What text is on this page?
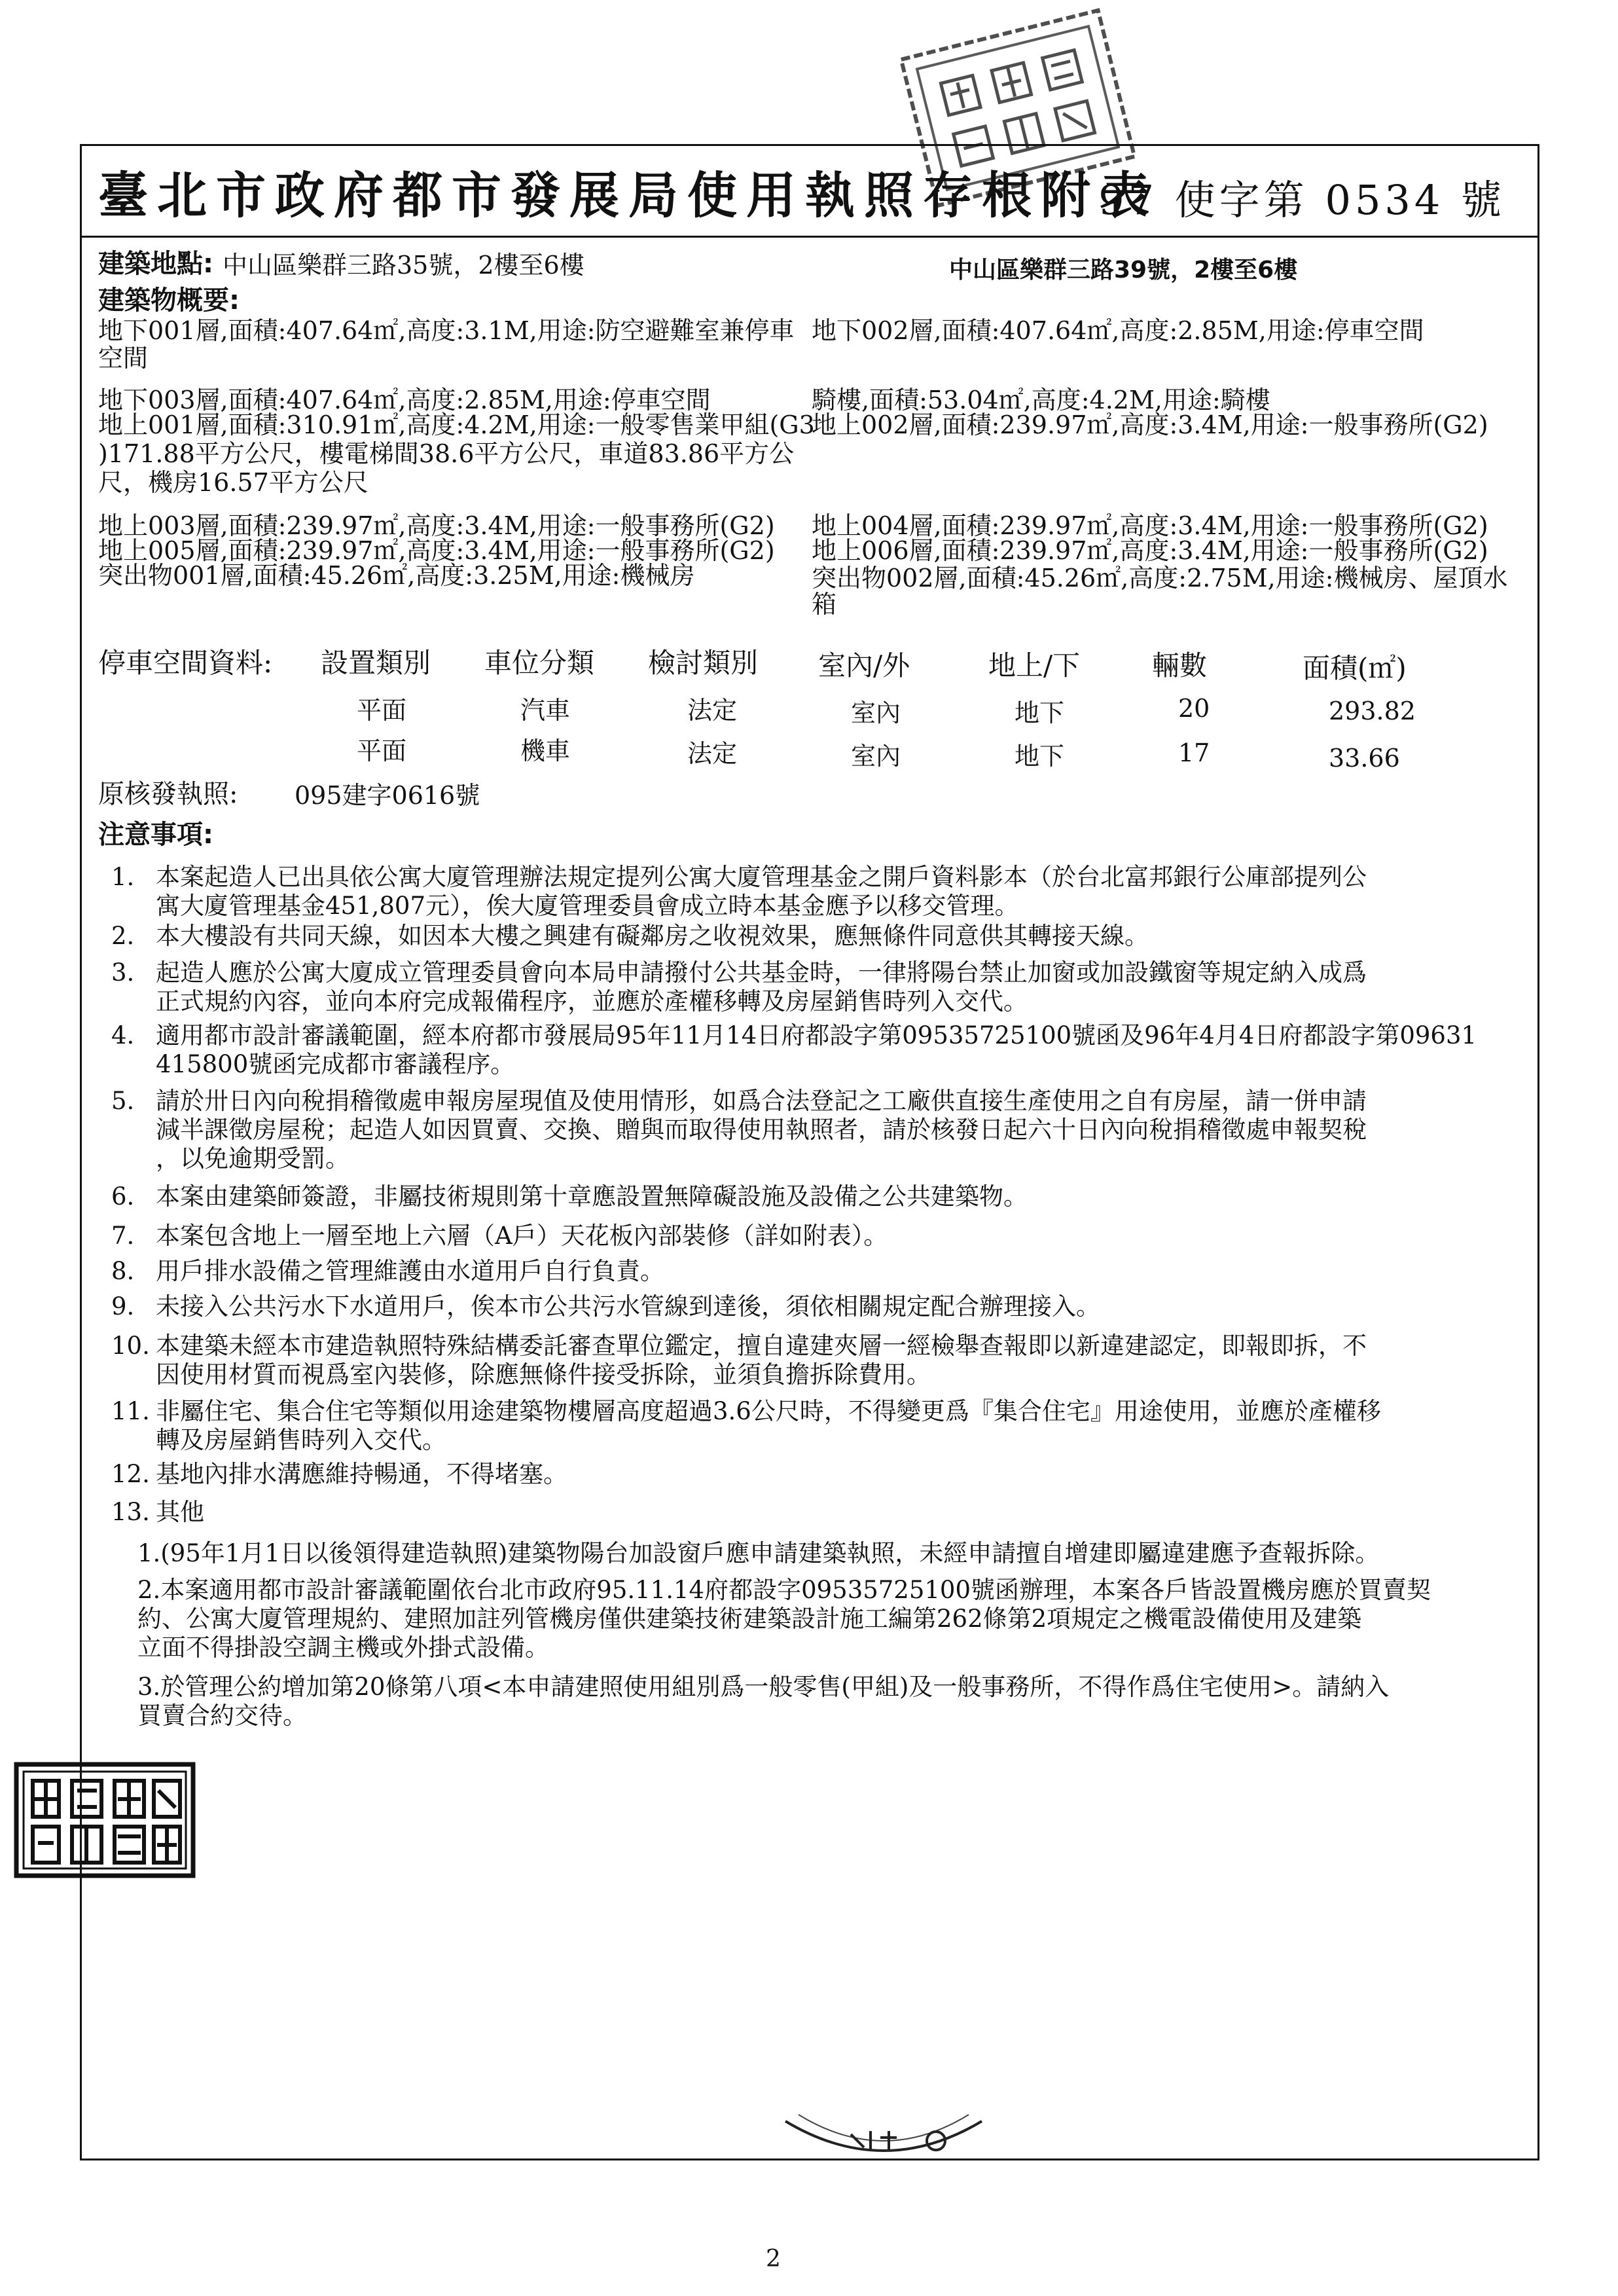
臺北市政府都市發展局使用執照存根附表
97 使字第 0534 號
建築地點: 中山區樂群三路35號，2樓至6樓	中山區樂群三路39號，2樓至6樓
建築物概要:
地下001層,面積:407.64㎡,高度:3.1M,用途:防空避難室兼停車
空間
地下003層,面積:407.64㎡,高度:2.85M,用途:停車空間
地上001層,面積:310.91㎡,高度:4.2M,用途:一般零售業甲組(G3
)171.88平方公尺，樓電梯間38.6平方公尺，車道83.86平方公
尺，機房16.57平方公尺
地上003層,面積:239.97㎡,高度:3.4M,用途:一般事務所(G2)
地上005層,面積:239.97㎡,高度:3.4M,用途:一般事務所(G2)
突出物001層,面積:45.26㎡,高度:3.25M,用途:機械房
地下002層,面積:407.64㎡,高度:2.85M,用途:停車空間
騎樓,面積:53.04㎡,高度:4.2M,用途:騎樓
地上002層,面積:239.97㎡,高度:3.4M,用途:一般事務所(G2)
地上004層,面積:239.97㎡,高度:3.4M,用途:一般事務所(G2)
地上006層,面積:239.97㎡,高度:3.4M,用途:一般事務所(G2)
突出物002層,面積:45.26㎡,高度:2.75M,用途:機械房、屋頂水
箱
停車空間資料: 設置類別 車位分類 檢討類別 室內/外	地上/下	輛數	面積(㎡)
平面	汽車	法定	室內	地下	20	293.82
平面	機車	法定	室內	地下	17	33.66
原核發執照: 095建字0616號
注意事項:
1. 本案起造人已出具依公寓大廈管理辦法規定提列公寓大廈管理基金之開戶資料影本（於台北富邦銀行公庫部提列公
寓大廈管理基金451,807元），俟大廈管理委員會成立時本基金應予以移交管理。
2. 本大樓設有共同天線，如因本大樓之興建有礙鄰房之收視效果，應無條件同意供其轉接天線。
3. 起造人應於公寓大廈成立管理委員會向本局申請撥付公共基金時，一律將陽台禁止加窗或加設鐵窗等規定納入成爲
正式規約內容，並向本府完成報備程序，並應於產權移轉及房屋銷售時列入交代。
4. 適用都市設計審議範圍，經本府都市發展局95年11月14日府都設字第09535725100號函及96年4月4日府都設字第09631
415800號函完成都市審議程序。
5. 請於卅日內向稅捐稽徵處申報房屋現值及使用情形，如爲合法登記之工廠供直接生產使用之自有房屋，請一併申請
減半課徵房屋稅；起造人如因買賣、交換、贈與而取得使用執照者，請於核發日起六十日內向稅捐稽徵處申報契稅
，以免逾期受罰。
6. 本案由建築師簽證，非屬技術規則第十章應設置無障礙設施及設備之公共建築物。
7. 本案包含地上一層至地上六層（A戶）天花板內部裝修（詳如附表）。
8. 用戶排水設備之管理維護由水道用戶自行負責。
9. 未接入公共污水下水道用戶，俟本市公共污水管線到達後，須依相關規定配合辦理接入。
10. 本建築未經本市建造執照特殊結構委託審查單位鑑定，擅自違建夾層一經檢舉查報即以新違建認定，即報即拆，不
因使用材質而視爲室內裝修，除應無條件接受拆除，並須負擔拆除費用。
11. 非屬住宅、集合住宅等類似用途建築物樓層高度超過3.6公尺時，不得變更爲『集合住宅』用途使用，並應於產權移
轉及房屋銷售時列入交代。
12. 基地內排水溝應維持暢通，不得堵塞。
13. 其他
1.(95年1月1日以後領得建造執照)建築物陽台加設窗戶應申請建築執照，未經申請擅自增建即屬違建應予查報拆除。
2.本案適用都市設計審議範圍依台北市政府95.11.14府都設字09535725100號函辦理，本案各戶皆設置機房應於買賣契
約、公寓大廈管理規約、建照加註列管機房僅供建築技術建築設計施工編第262條第2項規定之機電設備使用及建築
立面不得掛設空調主機或外掛式設備。
3.於管理公約增加第20條第八項<本申請建照使用組別爲一般零售(甲組)及一般事務所，不得作爲住宅使用>。請納入
買賣合約交待。
2
